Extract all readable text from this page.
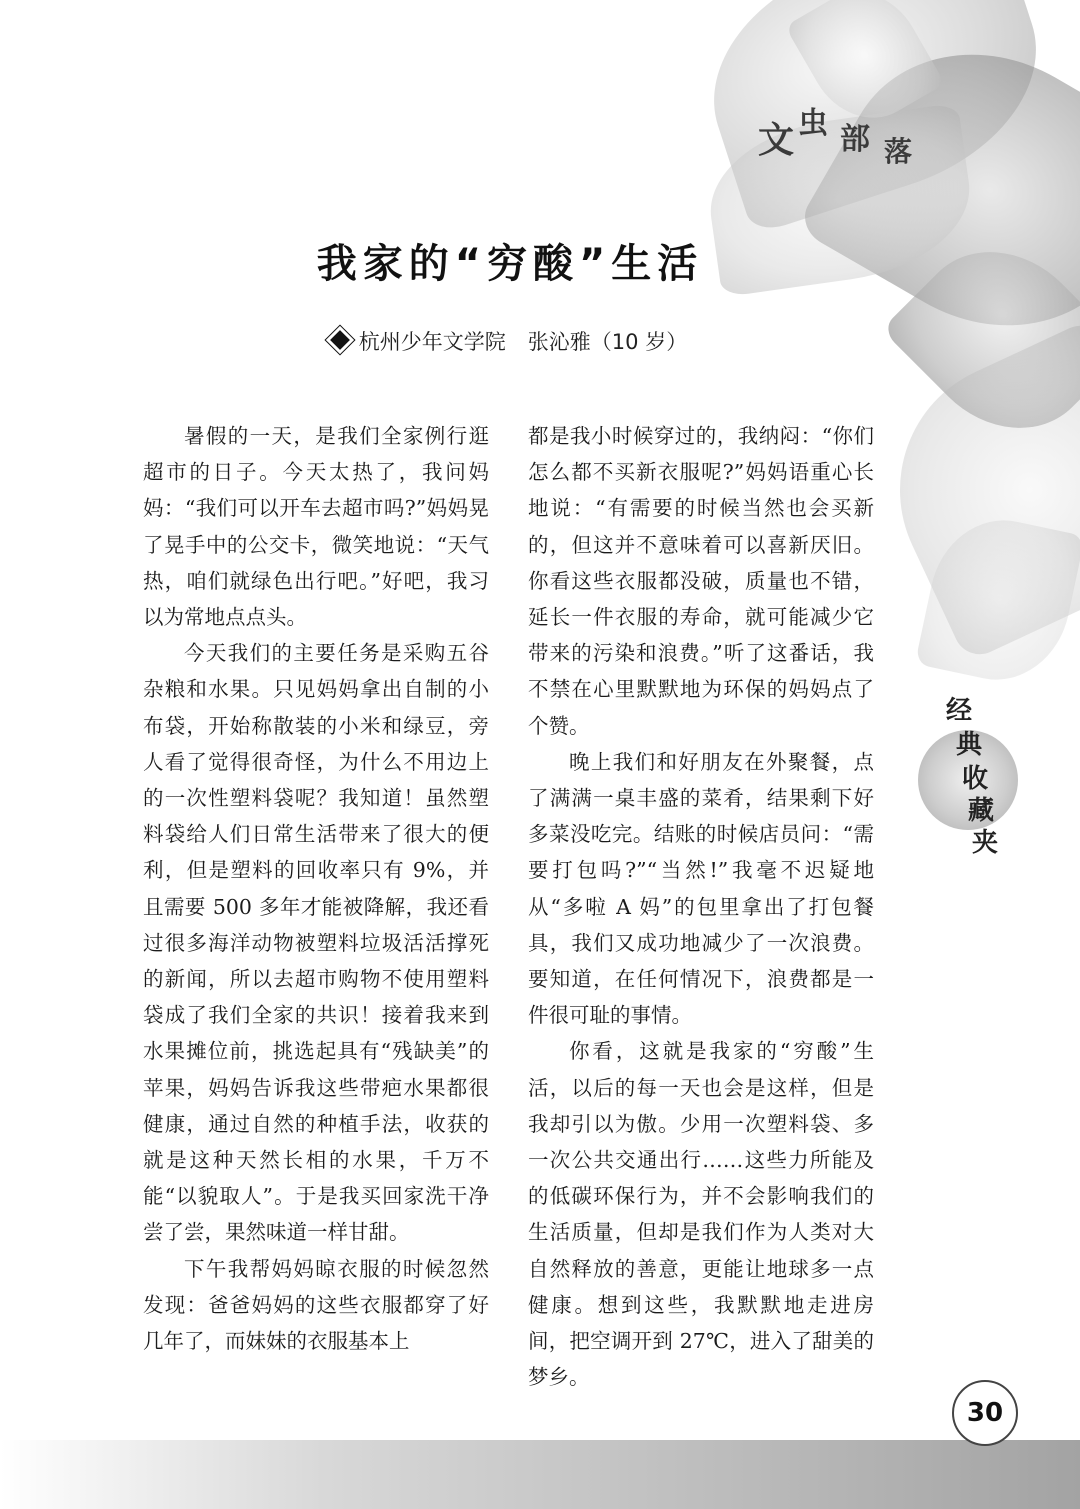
文 虫 部 落
我家的“穷酸”生活
杭州少年文学院 张沁雅（10 岁）

暑假的一天，是我们全家例行逛超市的日子。今天太热了，我问妈妈：“我们可以开车去超市吗?”妈妈晃了晃手中的公交卡，微笑地说：“天气热，咱们就绿色出行吧。”好吧，我习以为常地点点头。

今天我们的主要任务是采购五谷杂粮和水果。只见妈妈拿出自制的小布袋，开始称散装的小米和绿豆，旁人看了觉得很奇怪，为什么不用边上的一次性塑料袋呢？我知道！虽然塑料袋给人们日常生活带来了很大的便利，但是塑料的回收率只有 9%，并且需要 500 多年才能被降解，我还看过很多海洋动物被塑料垃圾活活撑死的新闻，所以去超市购物不使用塑料袋成了我们全家的共识！接着我来到水果摊位前，挑选起具有“残缺美”的苹果，妈妈告诉我这些带疤水果都很健康，通过自然的种植手法，收获的就是这种天然长相的水果，千万不能“以貌取人”。于是我买回家洗干净尝了尝，果然味道一样甘甜。

下午我帮妈妈晾衣服的时候忽然发现：爸爸妈妈的这些衣服都穿了好几年了，而妹妹的衣服基本上

都是我小时候穿过的，我纳闷：“你们怎么都不买新衣服呢?”妈妈语重心长地说：“有需要的时候当然也会买新的，但这并不意味着可以喜新厌旧。你看这些衣服都没破，质量也不错，延长一件衣服的寿命，就可能减少它带来的污染和浪费。”听了这番话，我不禁在心里默默地为环保的妈妈点了个赞。

晚上我们和好朋友在外聚餐，点了满满一桌丰盛的菜肴，结果剩下好多菜没吃完。结账的时候店员问：“需要打包吗?”“当然!”我毫不迟疑地从“多啦 A 妈”的包里拿出了打包餐具，我们又成功地减少了一次浪费。要知道，在任何情况下，浪费都是一件很可耻的事情。

你看，这就是我家的“穷酸”生活，以后的每一天也会是这样，但是我却引以为傲。少用一次塑料袋、多一次公共交通出行……这些力所能及的低碳环保行为，并不会影响我们的生活质量，但却是我们作为人类对大自然释放的善意，更能让地球多一点健康。想到这些，我默默地走进房间，把空调开到 27℃，进入了甜美的梦乡。

经
典
收
藏
夹
30
